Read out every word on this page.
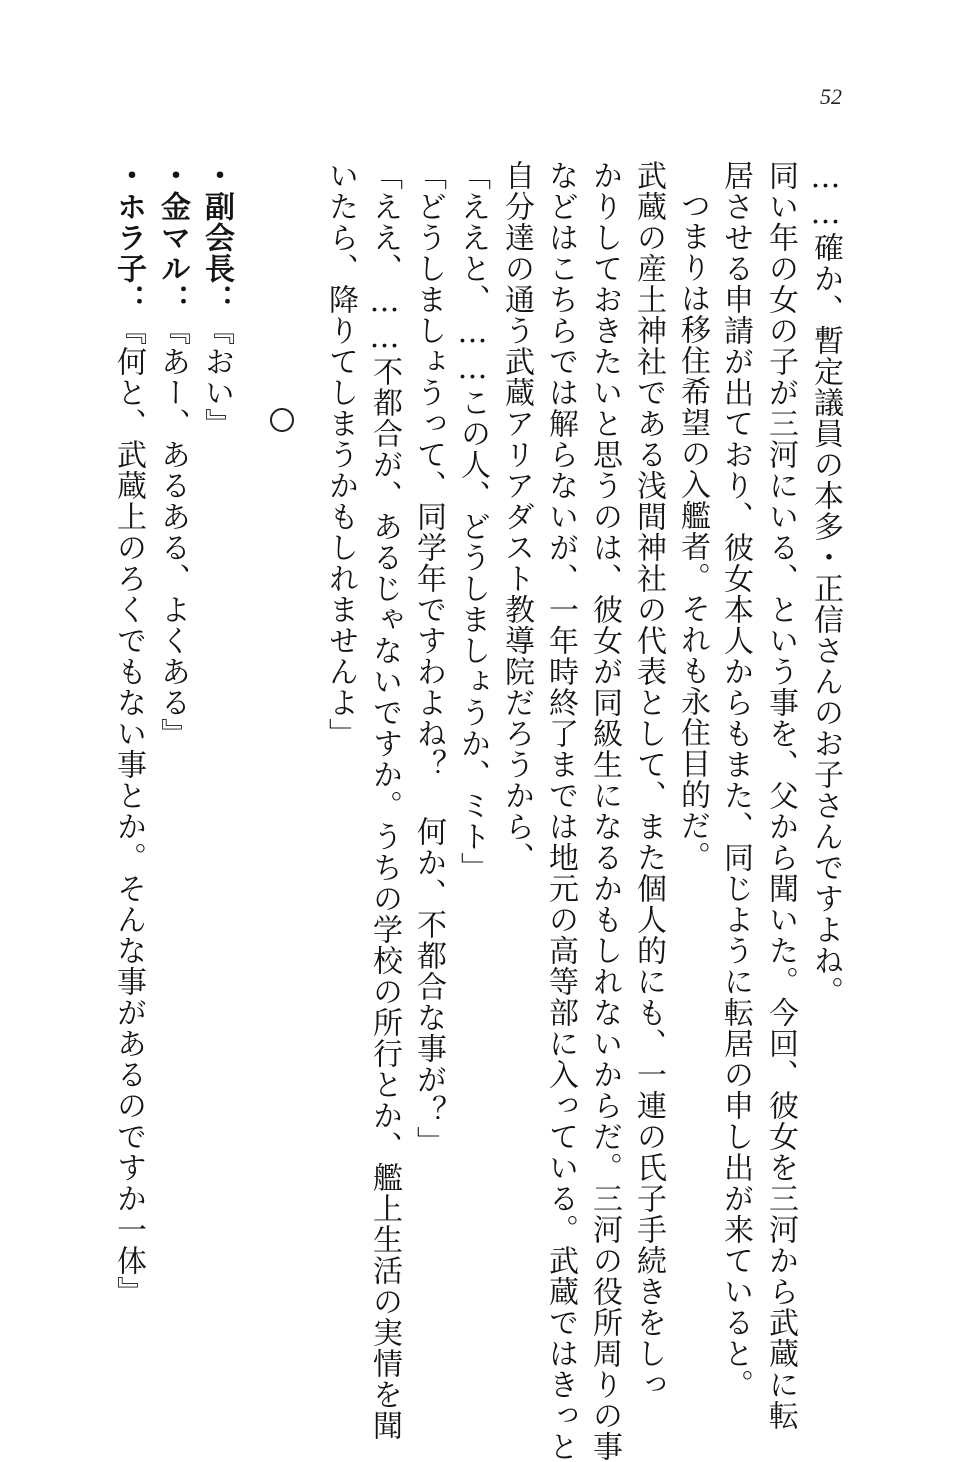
52
……確か、暫定議員の本多・正信さんのお子さんですよね。
同い年の女の子が三河にいる、という事を、父から聞いた。今回、彼女を三河から武蔵に転
居させる申請が出ており、彼女本人からもまた、同じように転居の申し出が来ていると。
つまりは移住希望の入艦者。それも永住目的だ。
武蔵の産土神社である浅間神社の代表として、また個人的にも、一連の氏子手続きをしっ
かりしておきたいと思うのは、彼女が同級生になるかもしれないからだ。三河の役所周りの事
などはこちらでは解らないが、一年時終了までは地元の高等部に入っている。武蔵ではきっと
自分達の通う武蔵アリアダスト教導院だろうから、
「ええと、……この人、どうしましょうか、ミト」
「どうしましょうって、同学年ですわよね？ 何か、不都合な事が？」
「ええ、……不都合が、あるじゃないですか。うちの学校の所行とか、艦上生活の実情を聞
いたら、降りてしまうかもしれませんよ」
・副会長：『おい』
・金マル：『あー、あるある、よくある』
・ホラ子：『何と、武蔵上のろくでもない事とか。そんな事があるのですか一体』
